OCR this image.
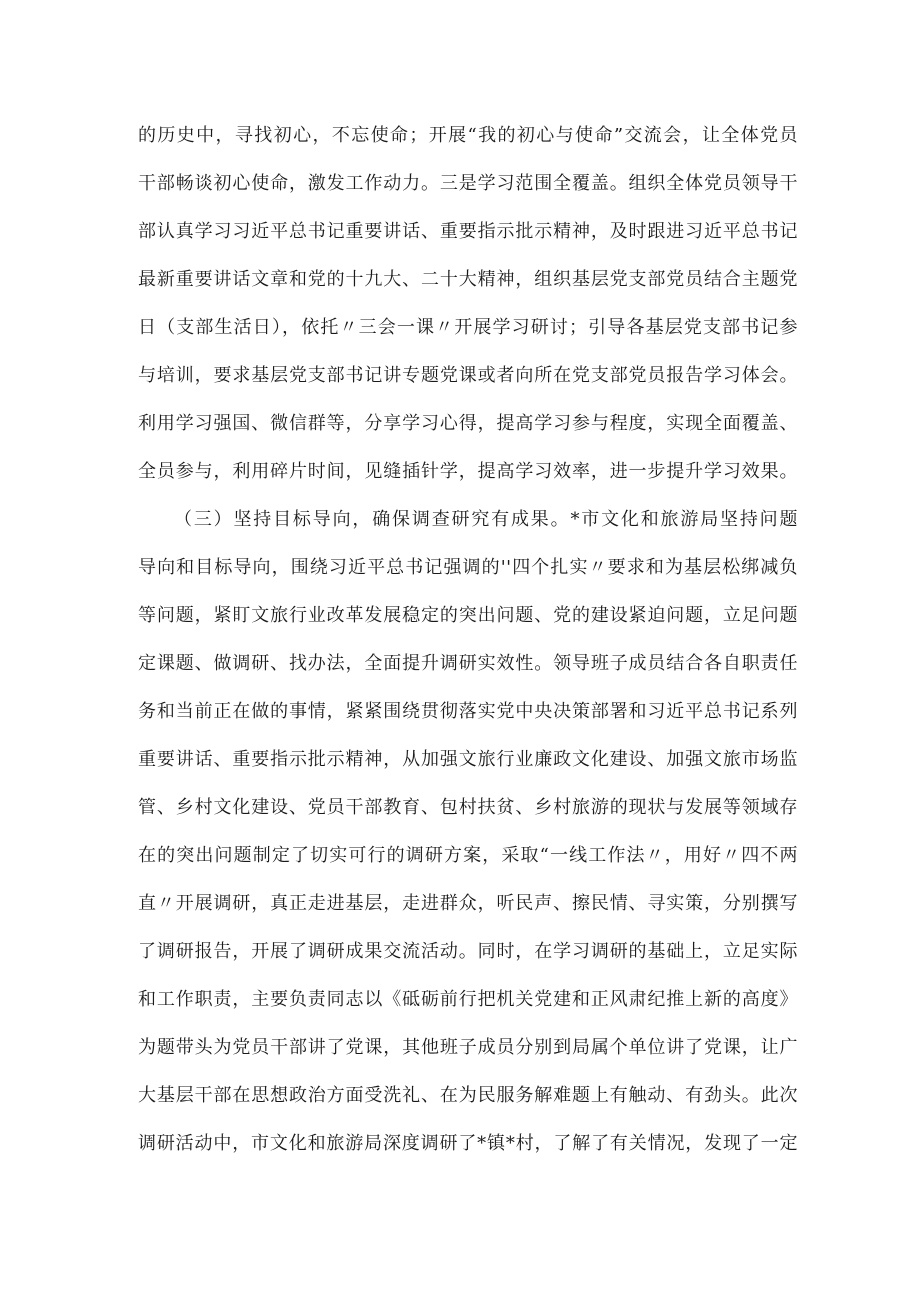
的历史中，寻找初心，不忘使命；开展“我的初心与使命”交流会，让全体党员
干部畅谈初心使命，激发工作动力。三是学习范围全覆盖。组织全体党员领导干
部认真学习习近平总书记重要讲话、重要指示批示精神，及时跟进习近平总书记
最新重要讲话文章和党的十九大、二十大精神，组织基层党支部党员结合主题党
日（支部生活日），依托〃三会一课〃开展学习研讨；引导各基层党支部书记参
与培训，要求基层党支部书记讲专题党课或者向所在党支部党员报告学习体会。
利用学习强国、微信群等，分享学习心得，提高学习参与程度，实现全面覆盖、
全员参与，利用碎片时间，见缝插针学，提高学习效率，进一步提升学习效果。
（三）坚持目标导向，确保调查研究有成果。*市文化和旅游局坚持问题
导向和目标导向，围绕习近平总书记强调的''四个扎实〃要求和为基层松绑减负
等问题，紧盯文旅行业改革发展稳定的突出问题、党的建设紧迫问题，立足问题
定课题、做调研、找办法，全面提升调研实效性。领导班子成员结合各自职责任
务和当前正在做的事情，紧紧围绕贯彻落实党中央决策部署和习近平总书记系列
重要讲话、重要指示批示精神，从加强文旅行业廉政文化建设、加强文旅市场监
管、乡村文化建设、党员干部教育、包村扶贫、乡村旅游的现状与发展等领域存
在的突出问题制定了切实可行的调研方案，采取“一线工作法〃，用好〃四不两
直〃开展调研，真正走进基层，走进群众，听民声、擦民情、寻实策，分别撰写
了调研报告，开展了调研成果交流活动。同时，在学习调研的基础上，立足实际
和工作职责，主要负责同志以《砥砺前行把机关党建和正风肃纪推上新的高度》
为题带头为党员干部讲了党课，其他班子成员分别到局属个单位讲了党课，让广
大基层干部在思想政治方面受洗礼、在为民服务解难题上有触动、有劲头。此次
调研活动中，市文化和旅游局深度调研了*镇*村，了解了有关情况，发现了一定
